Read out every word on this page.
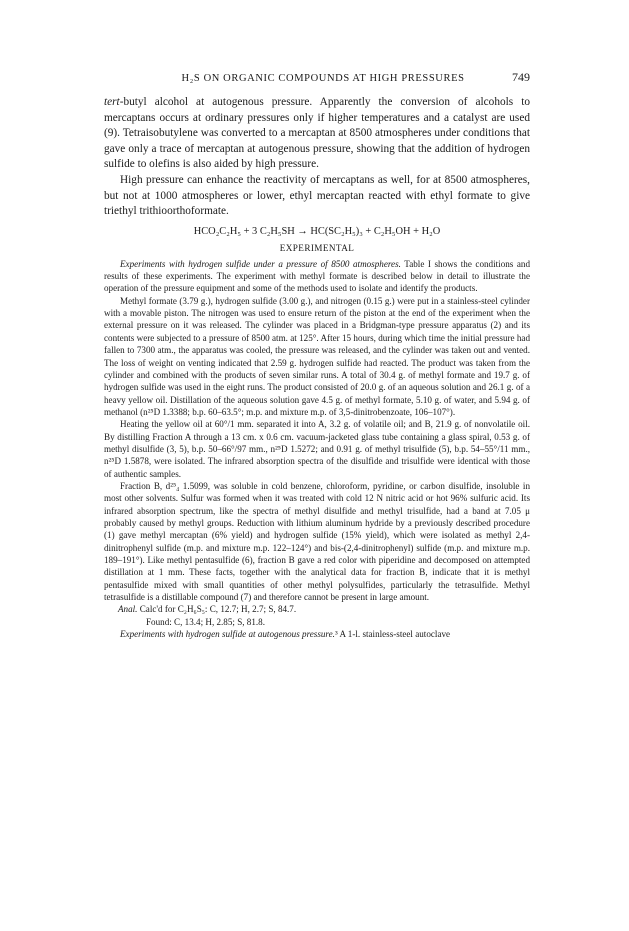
H₂S ON ORGANIC COMPOUNDS AT HIGH PRESSURES	749

tert-butyl alcohol at autogenous pressure. Apparently the conversion of alcohols to mercaptans occurs at ordinary pressures only if higher temperatures and a catalyst are used (9). Tetraisobutylene was converted to a mercaptan at 8500 atmospheres under conditions that gave only a trace of mercaptan at autogenous pressure, showing that the addition of hydrogen sulfide to olefins is also aided by high pressure.

High pressure can enhance the reactivity of mercaptans as well, for at 8500 atmospheres, but not at 1000 atmospheres or lower, ethyl mercaptan reacted with ethyl formate to give triethyl trithioorthoformate.

HCO₂C₂H₅ + 3 C₂H₅SH → HC(SC₂H₅)₃ + C₂H₅OH + H₂O
EXPERIMENTAL

Experiments with hydrogen sulfide under a pressure of 8500 atmospheres. Table I shows the conditions and results of these experiments. The experiment with methyl formate is described below in detail to illustrate the operation of the pressure equipment and some of the methods used to isolate and identify the products.

Methyl formate (3.79 g.), hydrogen sulfide (3.00 g.), and nitrogen (0.15 g.) were put in a stainless-steel cylinder with a movable piston. The nitrogen was used to ensure return of the piston at the end of the experiment when the external pressure on it was released. The cylinder was placed in a Bridgman-type pressure apparatus (2) and its contents were subjected to a pressure of 8500 atm. at 125°. After 15 hours, during which time the initial pressure had fallen to 7300 atm., the apparatus was cooled, the pressure was released, and the cylinder was taken out and vented. The loss of weight on venting indicated that 2.59 g. hydrogen sulfide had reacted. The product was taken from the cylinder and combined with the products of seven similar runs. A total of 30.4 g. of methyl formate and 19.7 g. of hydrogen sulfide was used in the eight runs. The product consisted of 20.0 g. of an aqueous solution and 26.1 g. of a heavy yellow oil. Distillation of the aqueous solution gave 4.5 g. of methyl formate, 5.10 g. of water, and 5.94 g. of methanol (n²⁵D 1.3388; b.p. 60–63.5°; m.p. and mixture m.p. of 3,5-dinitrobenzoate, 106–107°).

Heating the yellow oil at 60°/1 mm. separated it into A, 3.2 g. of volatile oil; and B, 21.9 g. of nonvolatile oil. By distilling Fraction A through a 13 cm. x 0.6 cm. vacuum-jacketed glass tube containing a glass spiral, 0.53 g. of methyl disulfide (3, 5), b.p. 50–66°/97 mm., n²⁵D 1.5272; and 0.91 g. of methyl trisulfide (5), b.p. 54–55°/11 mm., n²⁵D 1.5878, were isolated. The infrared absorption spectra of the disulfide and trisulfide were identical with those of authentic samples.

Fraction B, d²⁵₄ 1.5099, was soluble in cold benzene, chloroform, pyridine, or carbon disulfide, insoluble in most other solvents. Sulfur was formed when it was treated with cold 12 N nitric acid or hot 96% sulfuric acid. Its infrared absorption spectrum, like the spectra of methyl disulfide and methyl trisulfide, had a band at 7.05 μ probably caused by methyl groups. Reduction with lithium aluminum hydride by a previously described procedure (1) gave methyl mercaptan (6% yield) and hydrogen sulfide (15% yield), which were isolated as methyl 2,4-dinitrophenyl sulfide (m.p. and mixture m.p. 122–124°) and bis-(2,4-dinitrophenyl) sulfide (m.p. and mixture m.p. 189–191°). Like methyl pentasulfide (6), fraction B gave a red color with piperidine and decomposed on attempted distillation at 1 mm. These facts, together with the analytical data for fraction B, indicate that it is methyl pentasulfide mixed with small quantities of other methyl polysulfides, particularly the tetrasulfide. Methyl tetrasulfide is a distillable compound (7) and therefore cannot be present in large amount.

Anal. Calc'd for C₂H₆S₅: C, 12.7; H, 2.7; S, 84.7.

Found: C, 13.4; H, 2.85; S, 81.8.

Experiments with hydrogen sulfide at autogenous pressure.³ A 1-l. stainless-steel autoclave
